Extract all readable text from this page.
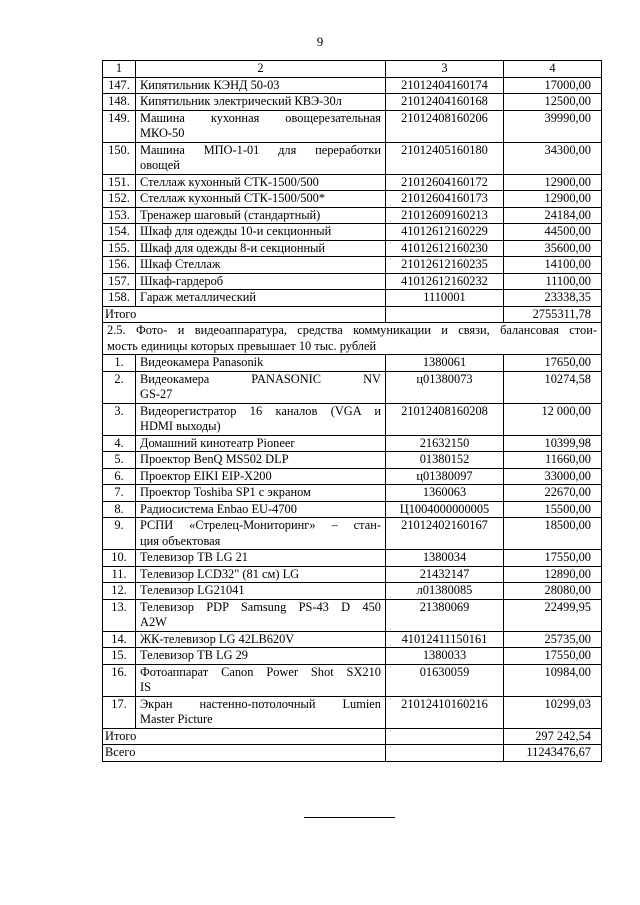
9
1	2	3	4
147.	Кипятильник КЭНД 50-03	21012404160174	17000,00
148.	Кипятильник электрический КВЭ-30л	21012404160168	12500,00
149.	Машина кухонная овощерезательная
МКО-50	21012408160206	39990,00
150.	Машина МПО-1-01 для переработки
овощей	21012405160180	34300,00
151.	Стеллаж кухонный СТК-1500/500	21012604160172	12900,00
152.	Стеллаж кухонный СТК-1500/500*	21012604160173	12900,00
153.	Тренажер шаговый (стандартный)	21012609160213	24184,00
154.	Шкаф для одежды 10-и секционный	41012612160229	44500,00
155.	Шкаф для одежды 8-и секционный	41012612160230	35600,00
156.	Шкаф Стеллаж	21012612160235	14100,00
157.	Шкаф-гардероб	41012612160232	11100,00
158.	Гараж металлический	1110001	23338,35
Итого			2755311,78

2.5. Фото- и видеоаппаратура, средства коммуникации и связи, балансовая стои-
мость единицы которых превышает 10 тыс. рублей			

1.	Видеокамера Panasonik	1380061	17650,00
2.	Видеокамера PANASONIC NV
GS-27	ц01380073	10274,58
3.	Видеорегистратор 16 каналов (VGA и
HDMI выходы)	21012408160208	12 000,00
4.	Домашний кинотеатр Pioneer	21632150	10399,98
5.	Проектор BenQ MS502 DLP	01380152	11660,00
6.	Проектор EIKI EIP-X200	ц01380097	33000,00
7.	Проектор Toshiba SP1 с экраном	1360063	22670,00
8.	Радиосистема Enbao EU-4700	Ц1004000000005	15500,00
9.	РСПИ «Стрелец-Мониторинг» – стан-
ция объектовая	21012402160167	18500,00
10.	Телевизор ТВ LG 21	1380034	17550,00
11.	Телевизор LCD32" (81 см) LG	21432147	12890,00
12.	Телевизор LG21041	л01380085	28080,00
13.	Телевизор PDP Samsung PS-43 D 450
A2W	21380069	22499,95
14.	ЖК-телевизор LG 42LB620V	41012411150161	25735,00
15.	Телевизор ТВ LG 29	1380033	17550,00
16.	Фотоаппарат Canon Power Shot SX210
IS	01630059	10984,00
17.	Экран настенно-потолочный Lumien
Master Picture	21012410160216	10299,03
Итого			297 242,54
Всего			11243476,67
